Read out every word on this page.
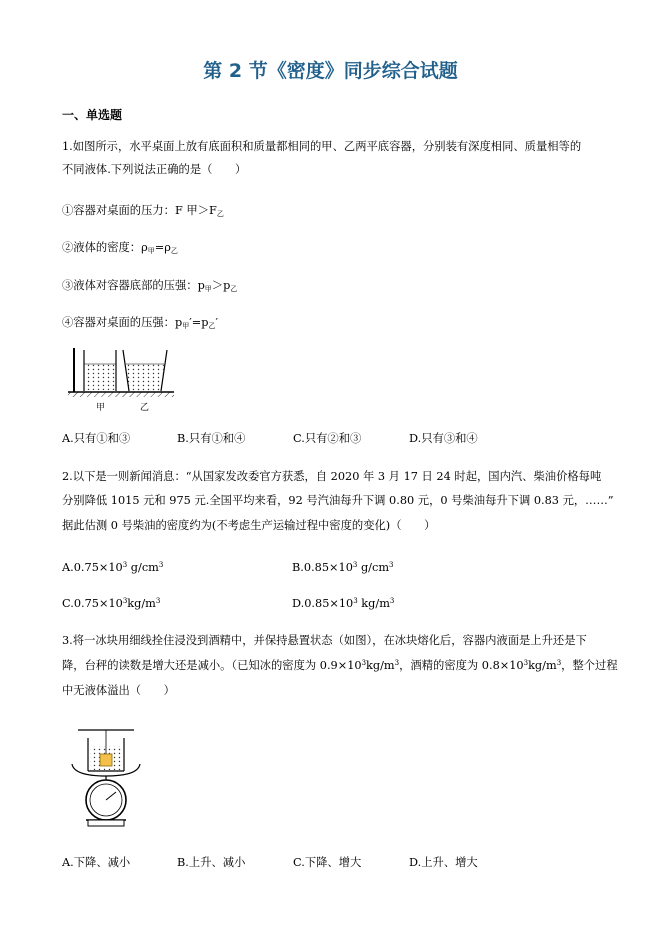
第 2 节《密度》同步综合试题
一、单选题
1.如图所示，水平桌面上放有底面积和质量都相同的甲、乙两平底容器，分别装有深度相同、质量相等的
不同液体.下列说法正确的是（　　）
①容器对桌面的压力：F 甲$>F_乙$
②液体的密度：$\rho_甲=\rho_乙$
③液体对容器底部的压强：$p_甲>p_乙$
④容器对桌面的压强：$p_甲'=p_乙'$
甲	乙
A.只有①和③	B.只有①和④	C.只有②和③	D.只有③和④
2.以下是一则新闻消息：“从国家发改委官方获悉，自 2020 年 3 月 17 日 24 时起，国内汽、柴油价格每吨
分别降低 1015 元和 975 元.全国平均来看，92 号汽油每升下调 0.80 元，0 号柴油每升下调 0.83 元，……”
据此估测 0 号柴油的密度约为(不考虑生产运输过程中密度的变化)（　　）
$A.0.75\times 10^3$ $g/cm^3$	$B.0.85\times 10^3$ $g/cm^3$
$C.0.75\times 10^3kg/m^3$	$D.0.85\times 10^3$ $kg/m^3$
3.将一冰块用细线拴住浸没到酒精中，并保持悬置状态（如图），在冰块熔化后，容器内液面是上升还是下
降，台秤的读数是增大还是减小。（已知冰的密度为 $0.9\times 10^3kg/m^3$，酒精的密度为 $0.8\times 10^3kg/m^3$，整个过程
中无液体溢出（　　）
A.下降、减小	B.上升、减小	C.下降、增大	D.上升、增大
